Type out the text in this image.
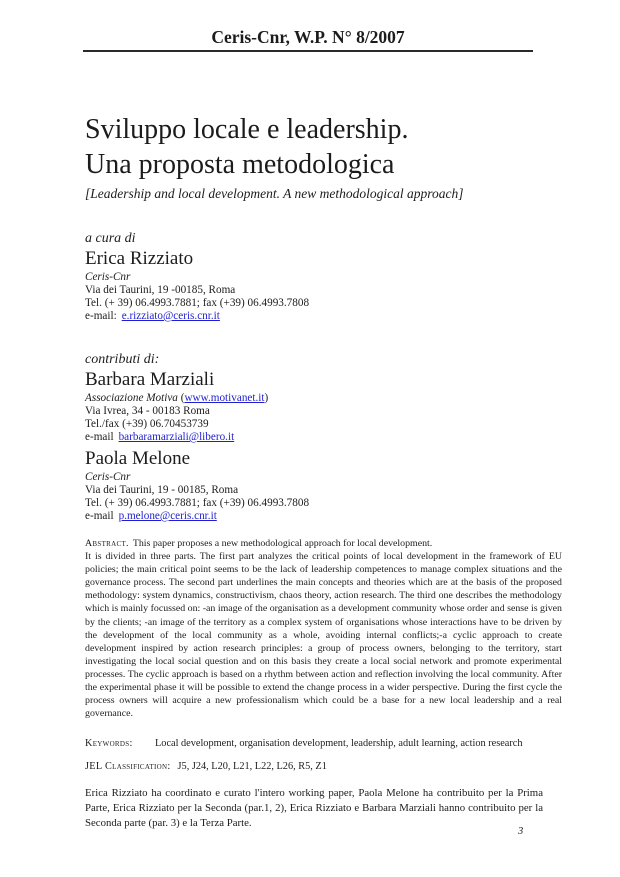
Ceris-Cnr, W.P. N° 8/2007
Sviluppo locale e leadership.
Una proposta metodologica
[Leadership and local development. A new methodological approach]
a cura di
Erica Rizziato
Ceris-Cnr
Via dei Taurini, 19 -00185, Roma
Tel. (+ 39) 06.4993.7881; fax (+39) 06.4993.7808
e-mail: e.rizziato@ceris.cnr.it
contributi di:
Barbara Marziali
Associazione Motiva (www.motivanet.it)
Via Ivrea, 34 - 00183 Roma
Tel./fax (+39) 06.70453739
e-mail barbaramarziali@libero.it
Paola Melone
Ceris-Cnr
Via dei Taurini, 19 - 00185, Roma
Tel. (+ 39) 06.4993.7881; fax (+39) 06.4993.7808
e-mail p.melone@ceris.cnr.it

Abstract. This paper proposes a new methodological approach for local development.
It is divided in three parts. The first part analyzes the critical points of local development in the framework of EU policies; the main critical point seems to be the lack of leadership competences to manage complex situations and the governance process. The second part underlines the main concepts and theories which are at the basis of the proposed methodology: system dynamics, constructivism, chaos theory, action research. The third one describes the methodology which is mainly focussed on: -an image of the organisation as a development community whose order and sense is given by the clients; -an image of the territory as a complex system of organisations whose interactions have to be driven by the development of the local community as a whole, avoiding internal conflicts;-a cyclic approach to create development inspired by action research principles: a group of process owners, belonging to the territory, start investigating the local social question and on this basis they create a local social network and promote experimental processes. The cyclic approach is based on a rhythm between action and reflection involving the local community. After the experimental phase it will be possible to extend the change process in a wider perspective. During the first cycle the process owners will acquire a new professionalism which could be a base for a new local leadership and a real governance.

Keywords: Local development, organisation development, leadership, adult learning, action research
JEL Classification: J5, J24, L20, L21, L22, L26, R5, Z1

Erica Rizziato ha coordinato e curato l'intero working paper, Paola Melone ha contribuito per la Prima Parte, Erica Rizziato per la Seconda (par.1, 2), Erica Rizziato e Barbara Marziali hanno contribuito per la Seconda parte (par. 3) e la Terza Parte.

3
